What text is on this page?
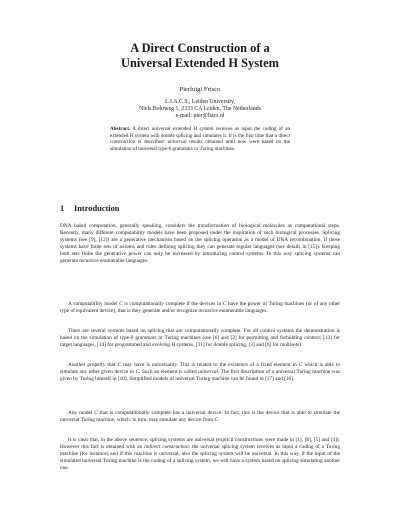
A Direct Construction of a
Universal Extended H System
Pierluigi Frisco
L.I.A.C.S., Leiden University,
Niels Bohrweg 1, 2333 CA Leiden, The Netherlands
e-mail: pier@liacs.nl
Abstract. A direct universal extended H system receives as input the coding of an extended H system with double splicing and simulates it. It is the first time that a direct construction is described: universal results obtained until now were based on the simulation of universal type-0 grammars or Turing machines.
1 Introduction

DNA based computation, generally speaking, considers the transformation of biological molecules as computational steps. Recently, many different computability models have been proposed under the inspiration of such biological processes. Splicing systems (see [9], [12]) are a generative mechanism based on the splicing operation as a model of DNA recombination. If these systems have finite sets of axioms and rules defining splicing they can generate regular languages (see details in [15]). Keeping both sets finite the generative power can only be increased by introducing control systems. In this way splicing systems can generate recursive enumerable languages.

A computability model C is computationally complete if the devices in C have the power of Turing machines (or of any other type of equivalent device), that is they generate and/or recognize recursive enumerable languages.

There are several systems based on splicing that are computationally complete. For all control systems the demonstration is based on the simulation of type-0 grammars or Turing machines (see [6] and [2] for permitting and forbidding context; [13] for target languages, [14] for programmed and evolving H systems, [11] for double splicing, [3] and [6] for multisets).

Another property that C may have is universality. This is related to the existence of a fixed element in C which is able to simulate any other given device in C. Such an element is called universal. The first description of a universal Turing machine was given by Turing himself in [10]. Simplified models of universal Turing machine can be found in [17] and [16].

Any model C that is computationally complete has a universal device. In fact, this is the device that is able to simulate the universal Turing machine, which, in turn, may simulate any device from C.

It is clear that, in the above sentence, splicing systems are universal (explicit constructions were made in [1], [8], [5] and [4]). However this fact is obtained with an indirect construction: the universal splicing system receives as input a coding of a Turing machine (for instance) and if this machine is universal, also the splicing system will be universal. In this way, if the input of the simulated universal Turing machine is the coding of a splicing system, we will have a system based on splicing simulating another one.
